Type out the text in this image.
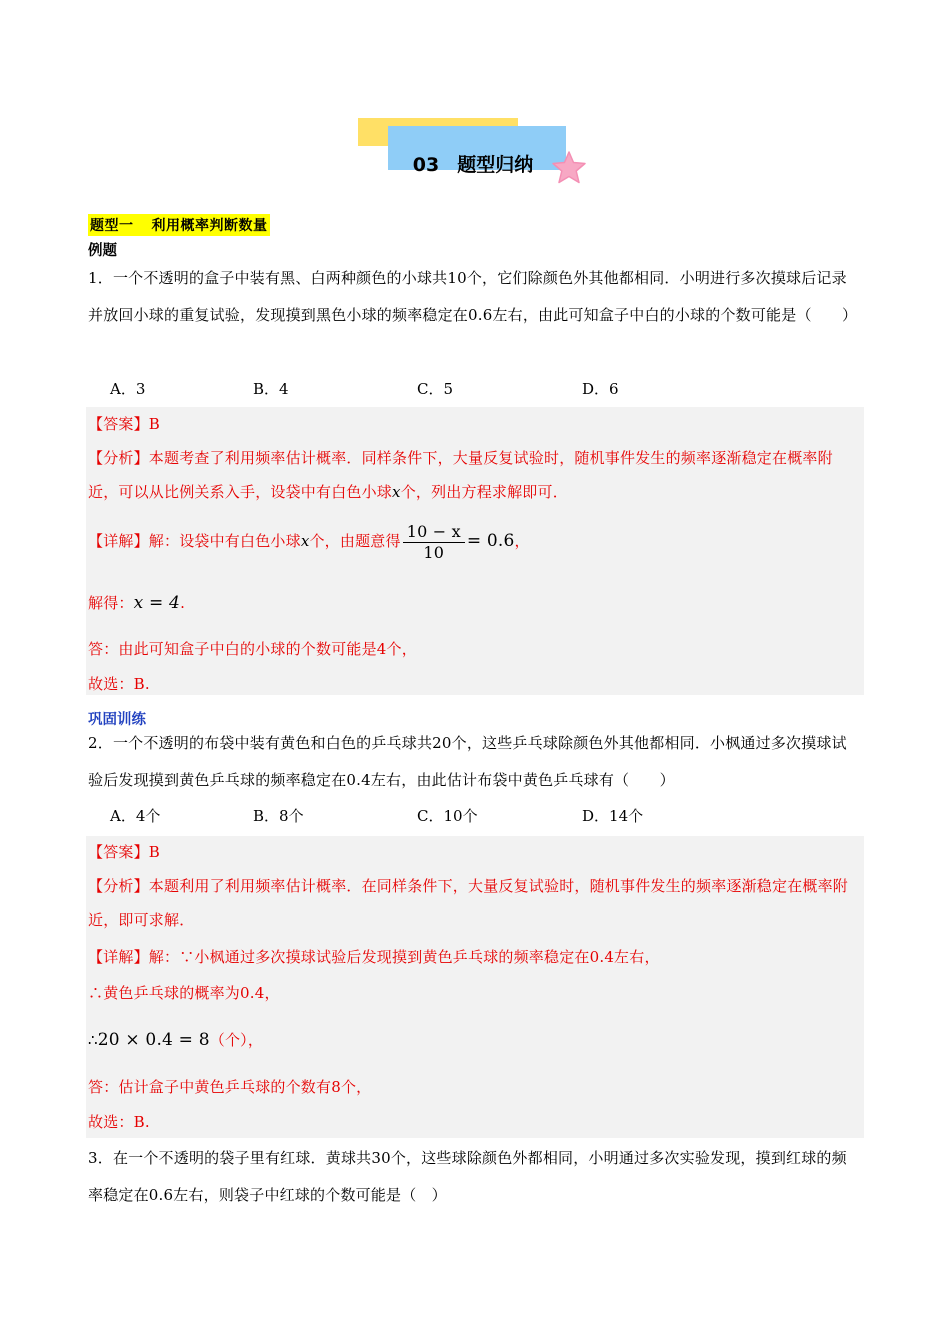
03 题型归纳
题型一 利用概率判断数量
例题
1．一个不透明的盒子中装有黑、白两种颜色的小球共10个，它们除颜色外其他都相同．小明进行多次摸球后记录并放回小球的重复试验，发现摸到黑色小球的频率稳定在0.6左右，由此可知盒子中白的小球的个数可能是（　　）
A．3	B．4	C．5	D．6
【答案】B
【分析】本题考查了利用频率估计概率．同样条件下，大量反复试验时，随机事件发生的频率逐渐稳定在概率附近，可以从比例关系入手，设袋中有白色小球x个，列出方程求解即可．
【详解】解：设袋中有白色小球x个，由题意得 $\frac{10 - x}{10} = 0.6$，
解得：x = 4.
答：由此可知盒子中白的小球的个数可能是4个，
故选：B.
巩固训练
2．一个不透明的布袋中装有黄色和白色的乒乓球共20个，这些乒乓球除颜色外其他都相同．小枫通过多次摸球试验后发现摸到黄色乒乓球的频率稳定在0.4左右，由此估计布袋中黄色乒乓球有（　　）
A．4个	B．8个	C．10个	D．14个
【答案】B
【分析】本题利用了利用频率估计概率．在同样条件下，大量反复试验时，随机事件发生的频率逐渐稳定在概率附近，即可求解．
【详解】解：∵小枫通过多次摸球试验后发现摸到黄色乒乓球的频率稳定在0.4左右，
∴黄色乒乓球的概率为0.4，
∴20 × 0.4 = 8（个），
答：估计盒子中黄色乒乓球的个数有8个，
故选：B.
3．在一个不透明的袋子里有红球．黄球共30个，这些球除颜色外都相同，小明通过多次实验发现，摸到红球的频率稳定在0.6左右，则袋子中红球的个数可能是（　）
